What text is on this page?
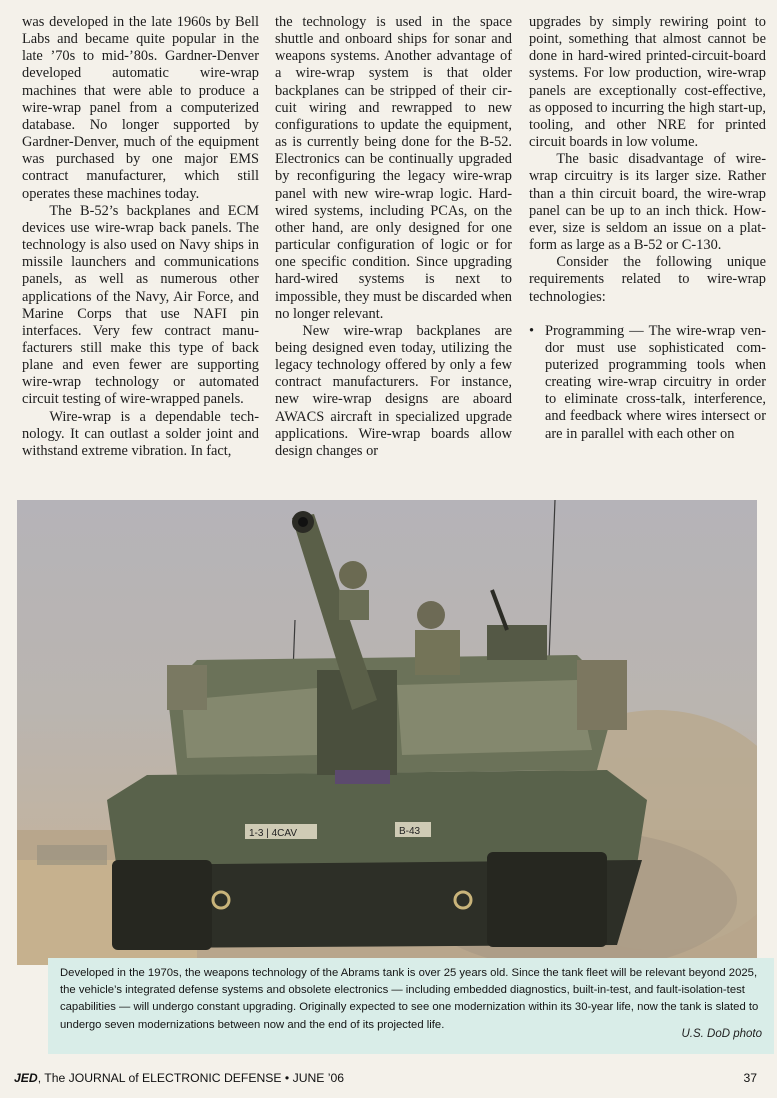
was developed in the late 1960s by Bell Labs and became quite popular in the late ’70s to mid-’80s. Gardner-Denver developed automatic wire-wrap machines that were able to produce a wire-wrap panel from a computerized database. No longer supported by Gardner-Denver, much of the equipment was purchased by one major EMS contract manufacturer, which still operates these machines today.

The B-52’s backplanes and ECM devices use wire-wrap back panels. The technology is also used on Navy ships in missile launchers and communications panels, as well as numerous other applications of the Navy, Air Force, and Marine Corps that use NAFI pin interfaces. Very few contract manufacturers still make this type of back plane and even fewer are supporting wire-wrap technology or automated circuit testing of wire-wrapped panels.

Wire-wrap is a dependable technology. It can outlast a solder joint and withstand extreme vibration. In fact,

the technology is used in the space shuttle and onboard ships for sonar and weapons systems. Another advantage of a wire-wrap system is that older backplanes can be stripped of their circuit wiring and rewrapped to new configurations to update the equipment, as is currently being done for the B-52. Electronics can be continually upgraded by reconfiguring the legacy wire-wrap panel with new wire-wrap logic. Hard-wired systems, including PCAs, on the other hand, are only designed for one particular configuration of logic or for one specific condition. Since upgrading hard-wired systems is next to impossible, they must be discarded when no longer relevant.

New wire-wrap backplanes are being designed even today, utilizing the legacy technology offered by only a few contract manufacturers. For instance, new wire-wrap designs are aboard AWACS aircraft in specialized upgrade applications. Wire-wrap boards allow design changes or

upgrades by simply rewiring point to point, something that almost cannot be done in hard-wired printed-circuit-board systems. For low production, wire-wrap panels are exceptionally cost-effective, as opposed to incurring the high start-up, tooling, and other NRE for printed circuit boards in low volume.

The basic disadvantage of wire-wrap circuitry is its larger size. Rather than a thin circuit board, the wire-wrap panel can be up to an inch thick. However, size is seldom an issue on a platform as large as a B-52 or C-130.

Consider the following unique requirements related to wire-wrap technologies:

• Programming — The wire-wrap vendor must use sophisticated computerized programming tools when creating wire-wrap circuitry in order to eliminate cross-talk, interference, and feedback where wires intersect or are in parallel with each other on
1-3 | 4CAV	B-43

Developed in the 1970s, the weapons technology of the Abrams tank is over 25 years old. Since the tank fleet will be relevant beyond 2025, the vehicle’s integrated defense systems and obsolete electronics — including embedded diagnostics, built-in-test, and fault-isolation-test capabilities — will undergo constant upgrading. Originally expected to see one modernization within its 30-year life, now the tank is slated to undergo seven modernizations between now and the end of its projected life.

U.S. DoD photo
JED, The JOURNAL of ELECTRONIC DEFENSE • JUNE ’06	37
